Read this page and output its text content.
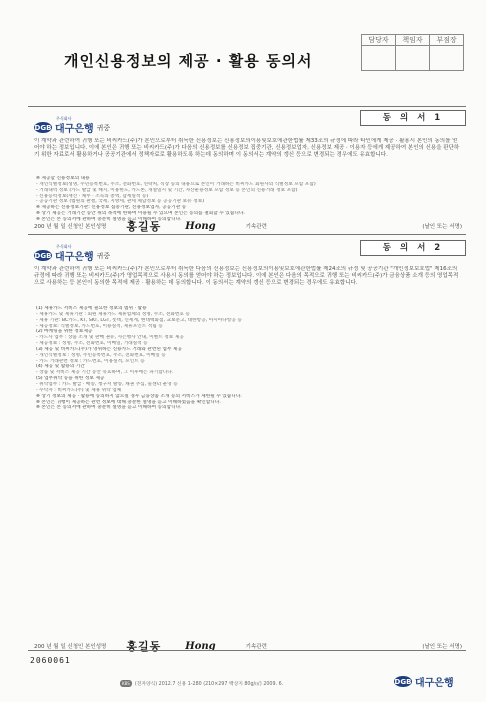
개인신용정보의 제공 · 활용 동의서
담당자	책임자	부점장

동 의 서 1
주식회사
DGB 대구은행 귀중

이 계약과 관련하여 귀행 또는 비씨카드(주)가 본인으로부터 취득한 신용정보는 신용정보의이용및보호에관한법률 제33조의 규정에 따라 타인에게 제공 · 활용시 본인의 동의를 얻어야 하는 정보입니다. 이에 본인은 귀행 또는 비씨카드(주)가 다음의 신용정보를 신용정보 집중기관, 신용정보업자, 신용정보 제공 · 이용자 등에게 제공하여 본인의 신용을 판단하기 위한 자료로서 활용하거나 공공기관에서 정책자료로 활용하도록 하는데 동의하며 이 동의서는 계약의 갱신 등으로 변경되는 경우에도 유효합니다.

※ 제공할 신용정보의 내용
- 개인식별정보(성명, 주민등록번호, 주소, 전화번호, 연락처, 직장 등의 내용으로 본인이 거래하는 비씨카드 회원사의 식별정보 포함 포함)
- 거래내역 정보 (카드 발급 및 해지, 이용한도, 카드론, 개설일시 및 기간, 자산운용정보 포함 정보 등 본인의 신용거래 정보 포함)
- 신용능력정보(재산 · 채무 · 소득의 총액, 납세실적 등)
- 공공기관 정보 (법원의 판결, 국세, 지방세, 관세 체납정보 등 공공기관 보유 정보)
※ 제공하는 신용정보기관: 신용정보 집중기관, 신용정보업자, 공공기관 등
※ 상기 제공은 거래기간 동안 위의 목적에 한하여 이용될 수 있으며 본인은 동의를 철회할 수 있습니다.
※ 본인은 본 동의서에 관하여 충분히 설명을 듣고 이해하여 동의합니다.
200 년 월 일 신청인 본인성명 홍길동 Hong	기속관련	(날인 또는 서명)
동 의 서 2
주식회사
DGB 대구은행 귀중

이 계약과 관련하여 귀행 또는 비씨카드(주)가 본인으로부터 취득한 다음의 신용정보는 신용정보의이용및보호에관한법률 제24조의 규정 및 공공기관 "개인정보보호법" 제16조의 규정에 따라 귀행 또는 비씨카드(주)가 영업목적으로 사용시 동의를 얻어야 하는 정보입니다. 이에 본인은 다음의 목적으로 귀행 또는 비씨카드(주)가 금융상품 소개 등의 영업목적으로 사용하는 등 본인이 동의한 목적에 제공 · 활용하는 데 동의합니다. 이 동의서는 계약의 갱신 등으로 변경되는 경우에도 유효합니다.

(1) 제휴카드 서비스 제공에 필요한 정보의 범위 · 활용
- 제휴카드 및 제휴기관 : 회원 제휴카드 제휴업체의 성명, 주소, 전화번호 등
- 제휴 기관: BC카드, KT, SKT, LGT, 롯데, 신세계, 현대백화점, 교보문고, 대한항공, 아시아나항공 등
- 제공정보: 식별정보, 카드번호, 이용실적, 제휴포인트 적립 등
(2) 마케팅을 위한 정보제공
- 카드사 업무 : 상품 소개 및 판매 권유, 사은행사 안내, 이벤트 정보 제공
- 제공정보 : 성명, 주소, 전화번호, 이메일, 거래실적 등
(3) 제공 및 비씨카드(주)가 영위하는 신용카드 거래와 관련된 업무 제공
- 개인식별정보 : 성명, 주민등록번호, 주소, 전화번호, 이메일 등
- 카드 거래관련 정보 : 카드번호, 이용실적, 포인트 등
(4) 제공 및 활용의 기간
- 상품 및 서비스 제공 기간 동안 유효하며, 그 이후에는 파기합니다.
(5) 업무위탁 등을 위한 정보 제공
- 위탁업무 : 카드 발급 · 배송, 청구서 발송, 채권 추심, 콜센터 운영 등
- 수탁자 : 비씨카드(주) 및 제휴 위탁 업체
※ 상기 정보의 제공 · 활용에 동의하지 않으실 경우 금융상품 소개 등의 서비스가 제한될 수 있습니다.
※ 본인은 귀행이 제공하는 관련 정보에 대해 충분한 설명을 듣고 이해하였음을 확인합니다.
※ 본인은 본 동의서에 관하여 충분히 설명을 듣고 이해하여 동의합니다.
200 년 월 일 신청인 본인성명 홍길동 Hong	기속관련	(날인 또는 서명)
2060061
KBS	(전자양식) 2012.7 신용 1-280 (210×297 백상지 80g/㎡) 2009. 6.	DGB 대구은행
